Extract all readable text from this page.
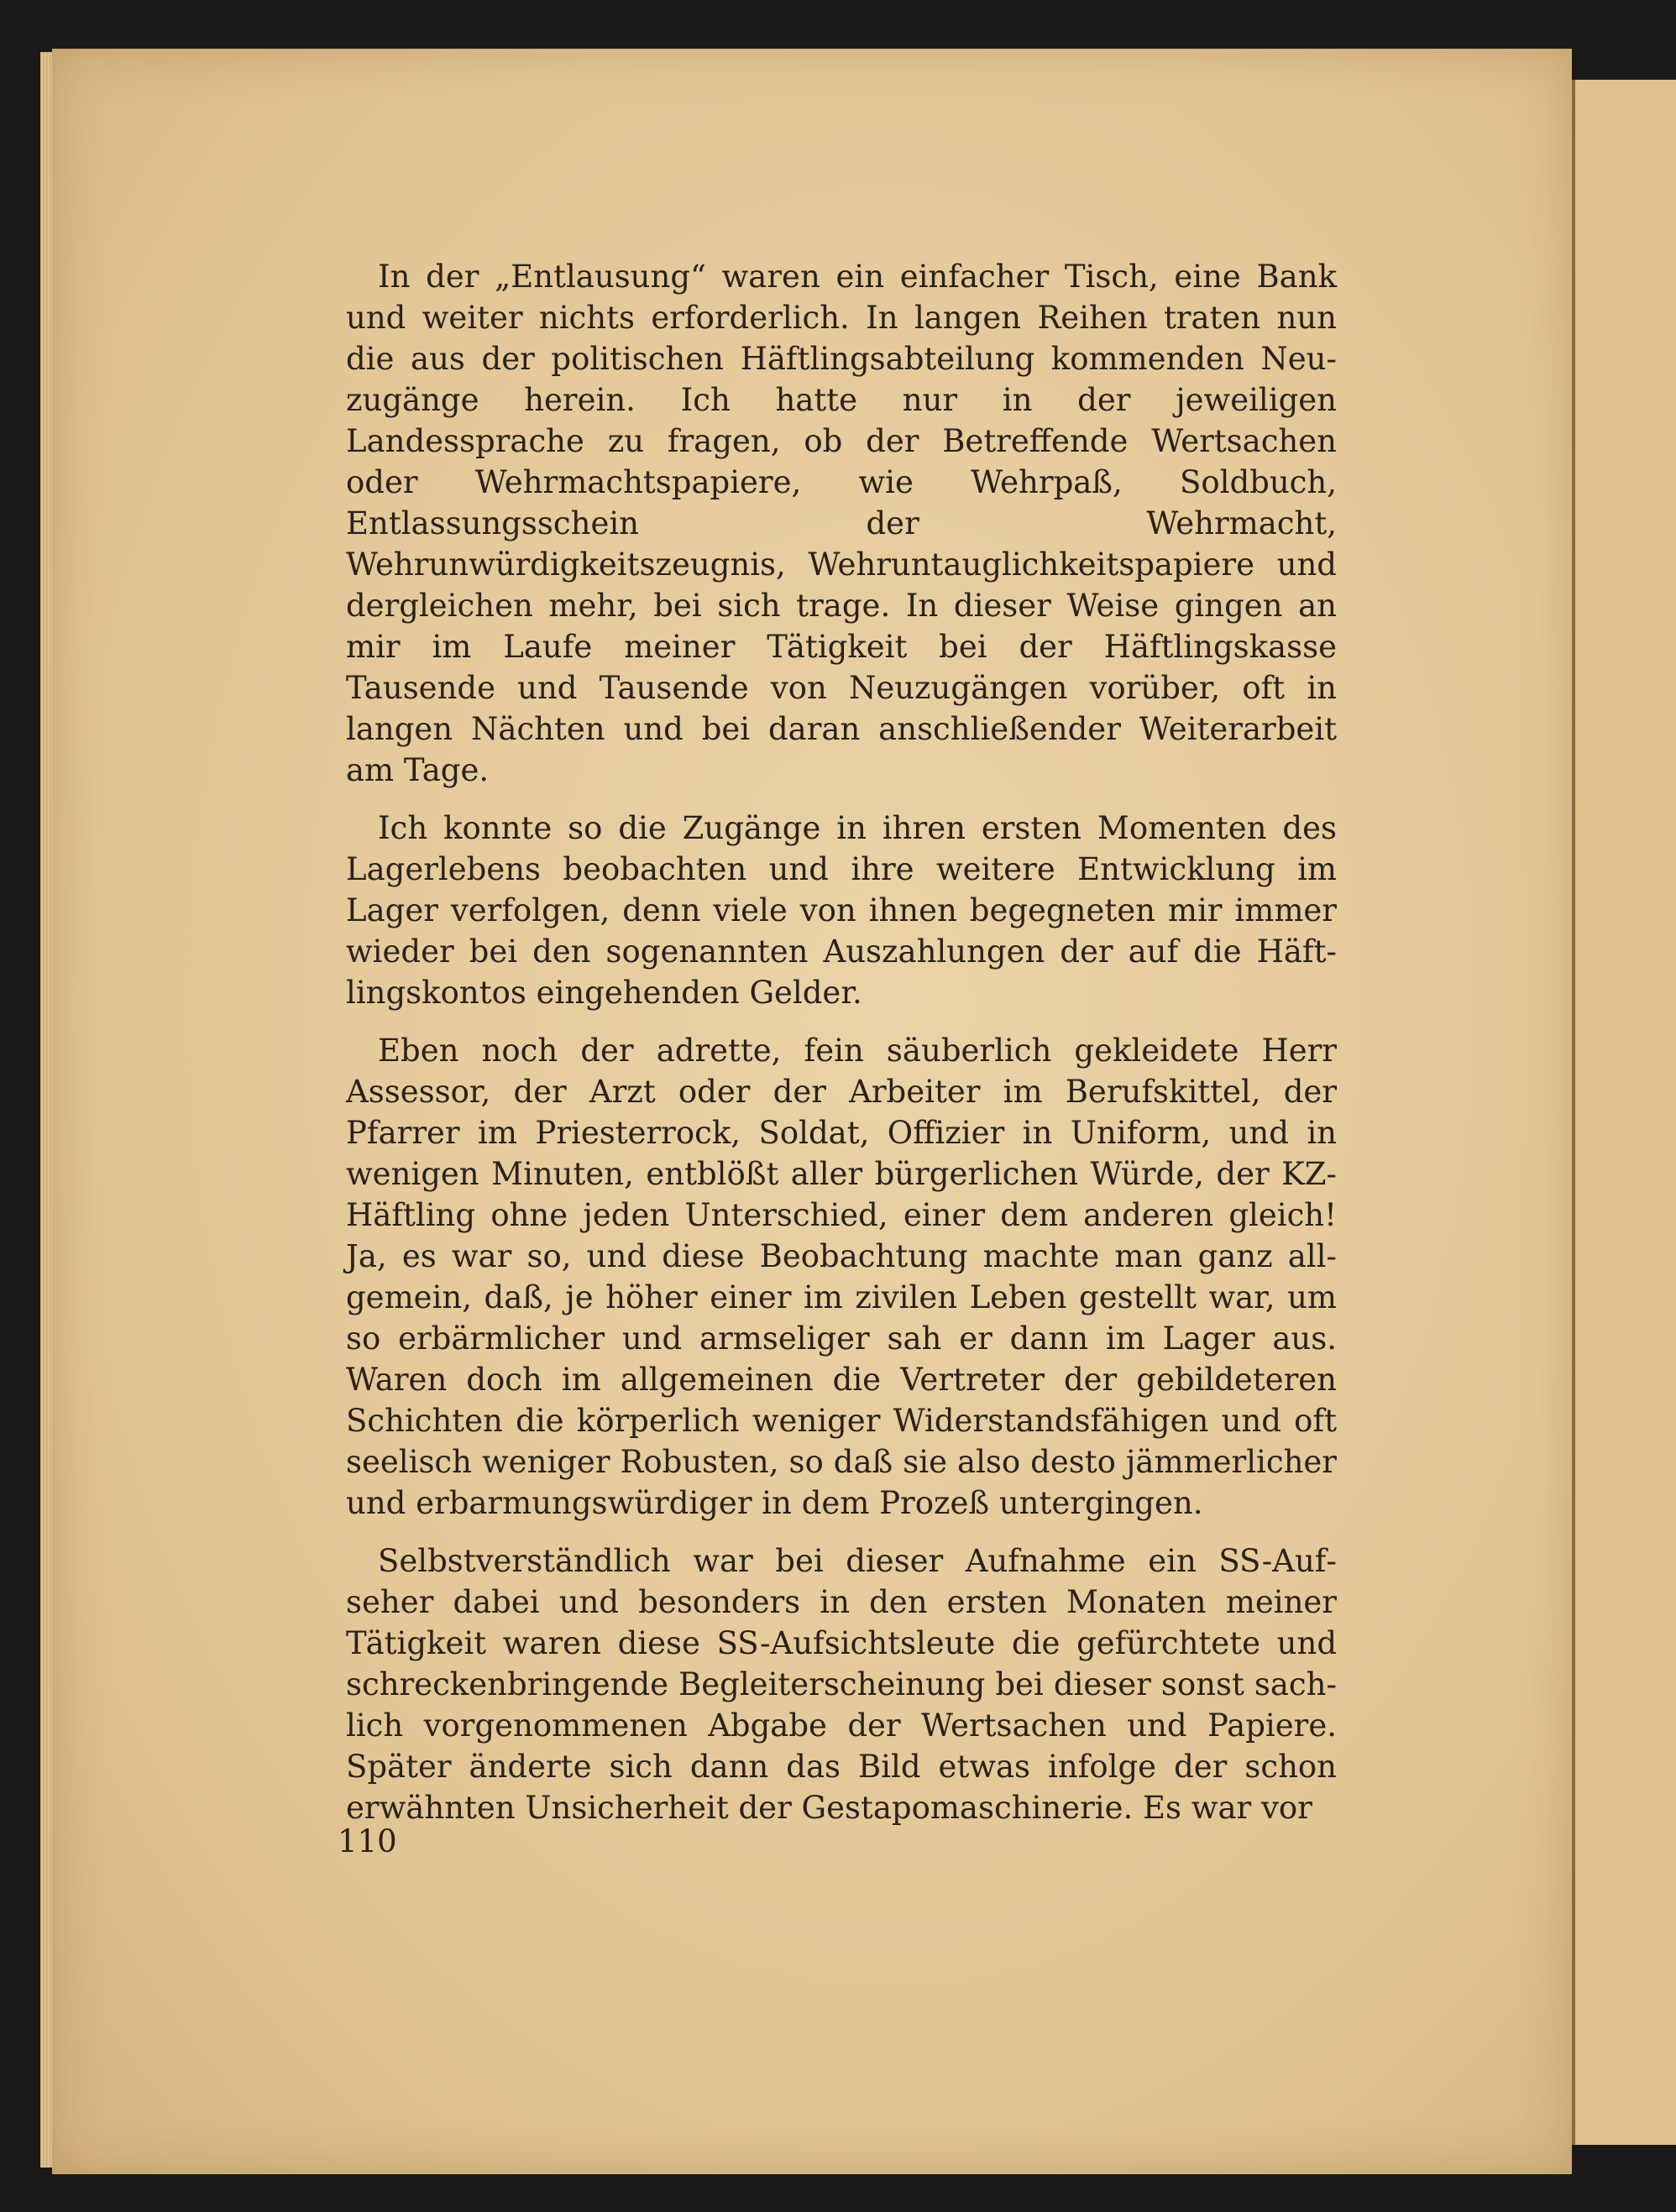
In der „Entlausung“ waren ein einfacher Tisch, eine Bank und weiter nichts erforderlich. In langen Reihen traten nun die aus der politischen Häftlingsabteilung kommenden Neuzugänge herein. Ich hatte nur in der jeweiligen Landessprache zu fragen, ob der Betreffende Wertsachen oder Wehrmachtspapiere, wie Wehrpaß, Soldbuch, Entlassungsschein der Wehrmacht, Wehrunwürdigkeitszeugnis, Wehruntauglichkeitspapiere und dergleichen mehr, bei sich trage. In dieser Weise gingen an mir im Laufe meiner Tätigkeit bei der Häftlingskasse Tausende und Tausende von Neuzugängen vorüber, oft in langen Nächten und bei daran anschließender Weiterarbeit am Tage.

Ich konnte so die Zugänge in ihren ersten Momenten des Lagerlebens beobachten und ihre weitere Entwicklung im Lager verfolgen, denn viele von ihnen begegneten mir immer wieder bei den sogenannten Auszahlungen der auf die Häftlingskontos eingehenden Gelder.

Eben noch der adrette, fein säuberlich gekleidete Herr Assessor, der Arzt oder der Arbeiter im Berufskittel, der Pfarrer im Priesterrock, Soldat, Offizier in Uniform, und in wenigen Minuten, entblößt aller bürgerlichen Würde, der KZ-Häftling ohne jeden Unterschied, einer dem anderen gleich! Ja, es war so, und diese Beobachtung machte man ganz allgemein, daß, je höher einer im zivilen Leben gestellt war, um so erbärmlicher und armseliger sah er dann im Lager aus. Waren doch im allgemeinen die Vertreter der gebildeteren Schichten die körperlich weniger Widerstandsfähigen und oft seelisch weniger Robusten, so daß sie also desto jämmerlicher und erbarmungswürdiger in dem Prozeß untergingen.

Selbstverständlich war bei dieser Aufnahme ein SS-Aufseher dabei und besonders in den ersten Monaten meiner Tätigkeit waren diese SS-Aufsichtsleute die gefürchtete und schreckenbringende Begleiterscheinung bei dieser sonst sachlich vorgenommenen Abgabe der Wertsachen und Papiere. Später änderte sich dann das Bild etwas infolge der schon erwähnten Unsicherheit der Gestapomaschinerie. Es war vor

110
